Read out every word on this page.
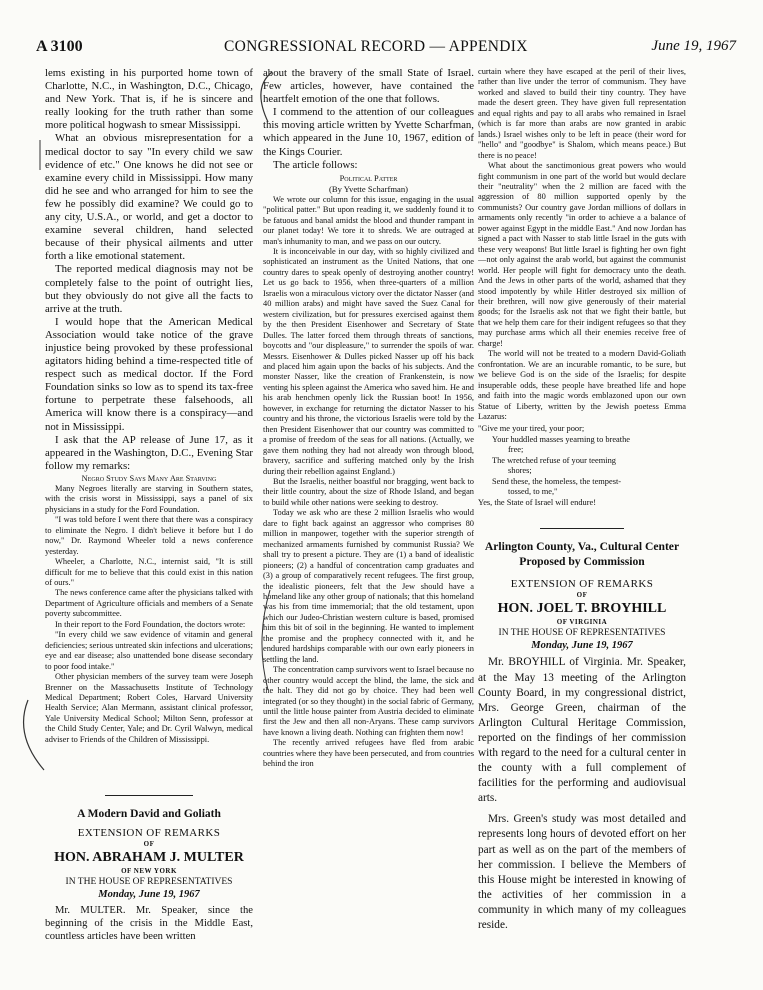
A 3100	CONGRESSIONAL RECORD — APPENDIX	June 19, 1967

lems existing in his purported home town of Charlotte, N.C., in Washington, D.C., Chicago, and New York. That is, if he is sincere and really looking for the truth rather than some more political hogwash to smear Mississippi.

What an obvious misrepresentation for a medical doctor to say "In every child we saw evidence of etc." One knows he did not see or examine every child in Mississippi. How many did he see and who arranged for him to see the few he possibly did examine? We could go to any city, U.S.A., or world, and get a doctor to examine several children, hand selected because of their physical ailments and utter forth a like emotional statement.

The reported medical diagnosis may not be completely false to the point of outright lies, but they obviously do not give all the facts to arrive at the truth.

I would hope that the American Medical Association would take notice of the grave injustice being provoked by these professional agitators hiding behind a time-respected title of respect such as medical doctor. If the Ford Foundation sinks so low as to spend its tax-free fortune to perpetrate these falsehoods, all America will know there is a conspiracy—and not in Mississippi.

I ask that the AP release of June 17, as it appeared in the Washington, D.C., Evening Star follow my remarks:

Negro Study Says Many Are Starving

Many Negroes literally are starving in Southern states, with the crisis worst in Mississippi, says a panel of six physicians in a study for the Ford Foundation.

"I was told before I went there that there was a conspiracy to eliminate the Negro. I didn't believe it before but I do now," Dr. Raymond Wheeler told a news conference yesterday.

Wheeler, a Charlotte, N.C., internist said, "It is still difficult for me to believe that this could exist in this nation of ours."

The news conference came after the physicians talked with Department of Agriculture officials and members of a Senate poverty subcommittee.

In their report to the Ford Foundation, the doctors wrote:

"In every child we saw evidence of vitamin and general deficiencies; serious untreated skin infections and ulcerations; eye and ear disease; also unattended bone disease secondary to poor food intake."

Other physician members of the survey team were Joseph Brenner on the Massachusetts Institute of Technology Medical Department; Robert Coles, Harvard University Health Service; Alan Mermann, assistant clinical professor, Yale University Medical School; Milton Senn, professor at the Child Study Center, Yale; and Dr. Cyril Walwyn, medical adviser to Friends of the Children of Mississippi.

A Modern David and Goliath
EXTENSION OF REMARKS
OF
HON. ABRAHAM J. MULTER
OF NEW YORK
IN THE HOUSE OF REPRESENTATIVES
Monday, June 19, 1967

Mr. MULTER. Mr. Speaker, since the beginning of the crisis in the Middle East, countless articles have been written

about the bravery of the small State of Israel. Few articles, however, have contained the heartfelt emotion of the one that follows.

I commend to the attention of our colleagues this moving article written by Yvette Scharfman, which appeared in the June 10, 1967, edition of the Kings Courier.

The article follows:

Political Patter
(By Yvette Scharfman)

We wrote our column for this issue, engaging in the usual "political patter." But upon reading it, we suddenly found it to be fatuous and banal amidst the blood and thunder rampant in our planet today! We tore it to shreds. We are outraged at man's inhumanity to man, and we pass on our outcry.

It is inconceivable in our day, with so highly civilized and sophisticated an instrument as the United Nations, that one country dares to speak openly of destroying another country! Let us go back to 1956, when three-quarters of a million Israelis won a miraculous victory over the dictator Nasser (and 40 million arabs) and might have saved the Suez Canal for western civilization, but for pressures exercised against them by the then President Eisenhower and Secretary of State Dulles. The latter forced them through threats of sanctions, boycotts and "our displeasure," to surrender the spoils of war. Messrs. Eisenhower & Dulles picked Nasser up off his back and placed him again upon the backs of his subjects. And the monster Nasser, like the creation of Frankenstein, is now venting his spleen against the America who saved him. He and his arab henchmen openly lick the Russian boot! In 1956, however, in exchange for returning the dictator Nasser to his country and his throne, the victorious Israelis were told by the then President Eisenhower that our country was committed to a promise of freedom of the seas for all nations. (Actually, we gave them nothing they had not already won through blood, bravery, sacrifice and suffering matched only by the Irish during their rebellion against England.)

But the Israelis, neither boastful nor bragging, went back to their little country, about the size of Rhode Island, and began to build while other nations were seeking to destroy.

Today we ask who are these 2 million Israelis who would dare to fight back against an aggressor who comprises 80 million in manpower, together with the superior strength of mechanized armaments furnished by communist Russia? We shall try to present a picture. They are (1) a band of idealistic pioneers; (2) a handful of concentration camp graduates and (3) a group of comparatively recent refugees. The first group, the idealistic pioneers, felt that the Jew should have a homeland like any other group of nationals; that this homeland was his from time immemorial; that the old testament, upon which our Judeo-Christian western culture is based, promised him this bit of soil in the beginning. He wanted to implement the promise and the prophecy connected with it, and he endured hardships comparable with our own early pioneers in settling the land.

The concentration camp survivors went to Israel because no other country would accept the blind, the lame, the sick and the halt. They did not go by choice. They had been well integrated (or so they thought) in the social fabric of Germany, until the little house painter from Austria decided to eliminate first the Jew and then all non-Aryans. These camp survivors have known a living death. Nothing can frighten them now!

The recently arrived refugees have fled from arabic countries where they have been persecuted, and from countries behind the iron

curtain where they have escaped at the peril of their lives, rather than live under the terror of communism. They have worked and slaved to build their tiny country. They have made the desert green. They have given full representation and equal rights and pay to all arabs who remained in Israel (which is far more than arabs are now granted in arabic lands.) Israel wishes only to be left in peace (their word for "hello" and "goodbye" is Shalom, which means peace.) But there is no peace!

What about the sanctimonious great powers who would fight communism in one part of the world but would declare their "neutrality" when the 2 million are faced with the aggression of 80 million supported openly by the communists? Our country gave Jordan millions of dollars in armaments only recently "in order to achieve a a balance of power against Egypt in the middle East." And now Jordan has signed a pact with Nasser to stab little Israel in the guts with these very weapons! But little Israel is fighting her own fight—not only against the arab world, but against the communist world. Her people will fight for democracy unto the death. And the Jews in other parts of the world, ashamed that they stood impotently by while Hitler destroyed six million of their brethren, will now give generously of their material goods; for the Israelis ask not that we fight their battle, but that we help them care for their indigent refugees so that they may purchase arms which all their enemies receive free of charge!

The world will not be treated to a modern David-Goliath confrontation. We are an incurable romantic, to be sure, but we believe God is on the side of the Israelis; for despite insuperable odds, these people have breathed life and hope and faith into the magic words emblazoned upon our own Statue of Liberty, written by the Jewish poetess Emma Lazarus:

"Give me your tired, your poor;
Your huddled masses yearning to breathe
free;
The wretched refuse of your teeming
shores;
Send these, the homeless, the tempest-
tossed, to me,"
Yes, the State of Israel will endure!
Arlington County, Va., Cultural Center Proposed by Commission
EXTENSION OF REMARKS
OF
HON. JOEL T. BROYHILL
OF VIRGINIA
IN THE HOUSE OF REPRESENTATIVES
Monday, June 19, 1967

Mr. BROYHILL of Virginia. Mr. Speaker, at the May 13 meeting of the Arlington County Board, in my congressional district, Mrs. George Green, chairman of the Arlington Cultural Heritage Commission, reported on the findings of her commission with regard to the need for a cultural center in the county with a full complement of facilities for the performing and audiovisual arts.

Mrs. Green's study was most detailed and represents long hours of devoted effort on her part as well as on the part of the members of her commission. I believe the Members of this House might be interested in knowing of the activities of her commission in a community in which many of my colleagues reside.
